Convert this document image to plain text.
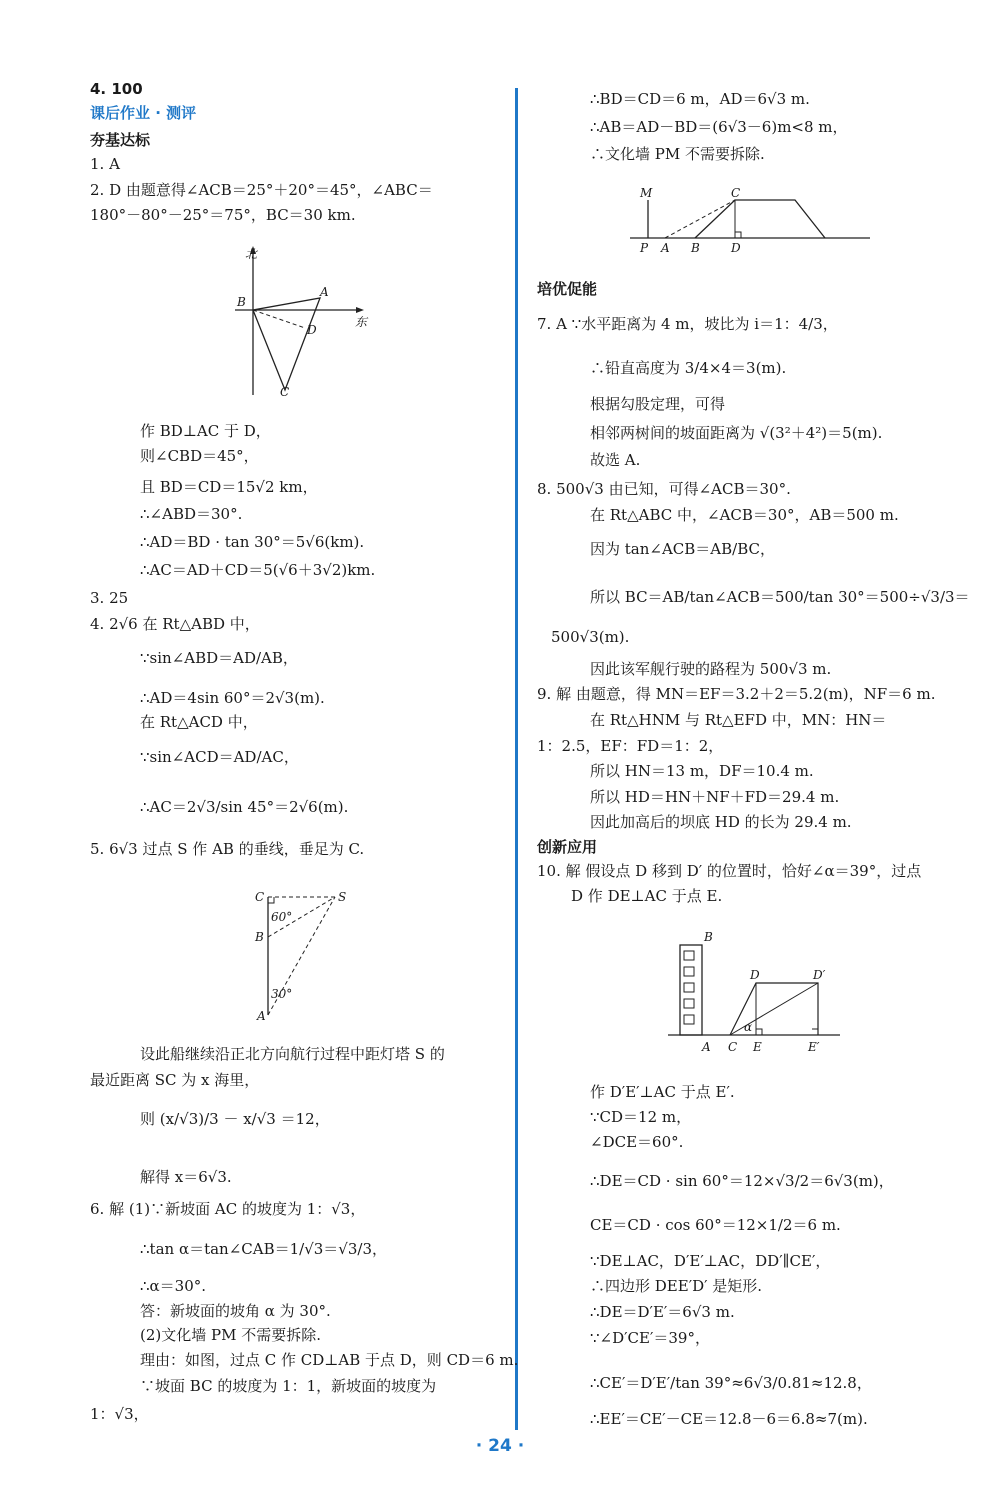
北
东
B
A
D
C
C	S
B
A
60°
30°
M	C
P A B	D
B
D	D′
A C E	E′
α
· 24 ·
4. 100
课后作业 · 测评
夯基达标
1. A
2. D 由题意得∠ACB＝25°＋20°＝45°，∠ABC＝
180°－80°－25°＝75°，BC＝30 km.
作 BD⊥AC 于 D，
则∠CBD＝45°，
且 BD＝CD＝15√2 km，
∴∠ABD＝30°.
∴AD＝BD · tan 30°＝5√6(km).
∴AC＝AD＋CD＝5(√6＋3√2)km.
3. 25
4. 2√6 在 Rt△ABD 中，
∵sin∠ABD＝AD/AB，
∴AD＝4sin 60°＝2√3(m).
在 Rt△ACD 中，
∵sin∠ACD＝AD/AC，
∴AC＝2√3/sin 45°＝2√6(m).
5. 6√3 过点 S 作 AB 的垂线，垂足为 C.
设此船继续沿正北方向航行过程中距灯塔 S 的
最近距离 SC 为 x 海里，
则 (x/√3)/3 － x/√3 ＝12，
解得 x＝6√3.
6. 解 (1)∵新坡面 AC 的坡度为 1：√3，
∴tan α＝tan∠CAB＝1/√3＝√3/3，
∴α＝30°.
答：新坡面的坡角 α 为 30°.
(2)文化墙 PM 不需要拆除.
理由：如图，过点 C 作 CD⊥AB 于点 D，则 CD＝6 m.
∵坡面 BC 的坡度为 1：1，新坡面的坡度为
1：√3，
∴BD＝CD＝6 m，AD＝6√3 m.
∴AB＝AD－BD＝(6√3－6)m<8 m，
∴文化墙 PM 不需要拆除.
培优促能
7. A ∵水平距离为 4 m，坡比为 i＝1：4/3，
∴铅直高度为 3/4×4＝3(m).
根据勾股定理，可得
相邻两树间的坡面距离为 √(3²＋4²)＝5(m).
故选 A.
8. 500√3 由已知，可得∠ACB＝30°.
在 Rt△ABC 中，∠ACB＝30°，AB＝500 m.
因为 tan∠ACB＝AB/BC，
所以 BC＝AB/tan∠ACB＝500/tan 30°＝500÷√3/3＝
500√3(m).
因此该军舰行驶的路程为 500√3 m.
9. 解 由题意，得 MN＝EF＝3.2＋2＝5.2(m)，NF＝6 m.
在 Rt△HNM 与 Rt△EFD 中，MN：HN＝
1：2.5，EF：FD＝1：2，
所以 HN＝13 m，DF＝10.4 m.
所以 HD＝HN＋NF＋FD＝29.4 m.
因此加高后的坝底 HD 的长为 29.4 m.
创新应用
10. 解 假设点 D 移到 D′ 的位置时，恰好∠α＝39°，过点
D 作 DE⊥AC 于点 E.
作 D′E′⊥AC 于点 E′.
∵CD＝12 m，
∠DCE＝60°.
∴DE＝CD · sin 60°＝12×√3/2＝6√3(m)，
CE＝CD · cos 60°＝12×1/2＝6 m.
∵DE⊥AC，D′E′⊥AC，DD′∥CE′，
∴四边形 DEE′D′ 是矩形.
∴DE＝D′E′＝6√3 m.
∵∠D′CE′＝39°，
∴CE′＝D′E′/tan 39°≈6√3/0.81≈12.8，
∴EE′＝CE′－CE＝12.8－6＝6.8≈7(m).
